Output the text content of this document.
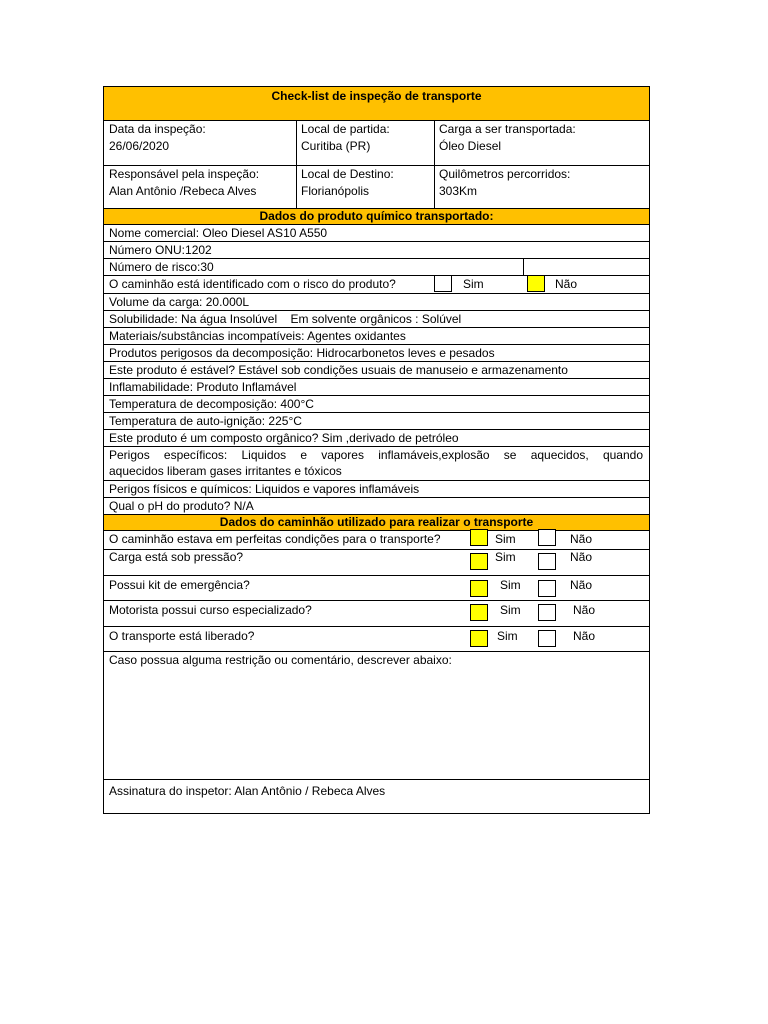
Check-list de inspeção de transporte
Data da inspeção:
26/06/2020
Local de partida:
Curitiba (PR)
Carga a ser transportada:
Óleo Diesel
Responsável pela inspeção:
Alan Antônio /Rebeca Alves
Local de Destino:
Florianópolis
Quilômetros percorridos:
303Km
Dados do produto químico transportado:
Nome comercial: Oleo Diesel AS10 A550
Número ONU:1202
Número de risco:30
O caminhão está identificado com o risco do produto?	Sim	Não
Volume da carga: 20.000L
Solubilidade: Na água Insolúvel    Em solvente orgânicos : Solúvel
Materiais/substâncias incompatíveis: Agentes oxidantes
Produtos perigosos da decomposição: Hidrocarbonetos leves e pesados
Este produto é estável? Estável sob condições usuais de manuseio e armazenamento
Inflamabilidade: Produto Inflamável
Temperatura de decomposição: 400°C
Temperatura de auto-ignição: 225°C
Este produto é um composto orgânico? Sim ,derivado de petróleo
Perigos específicos: Liquidos e vapores inflamáveis,explosão se aquecidos, quando
aquecidos liberam gases irritantes e tóxicos
Perigos físicos e químicos: Liquidos e vapores inflamáveis
Qual o pH do produto? N/A
Dados do caminhão utilizado para realizar o transporte
O caminhão estava em perfeitas condições para o transporte?	Sim	Não
Carga está sob pressão?	Sim	Não
Possui kit de emergência?	Sim	Não
Motorista possui curso especializado?	Sim	Não
O transporte está liberado?	Sim	Não
Caso possua alguma restrição ou comentário, descrever abaixo:
Assinatura do inspetor: Alan Antônio / Rebeca Alves
